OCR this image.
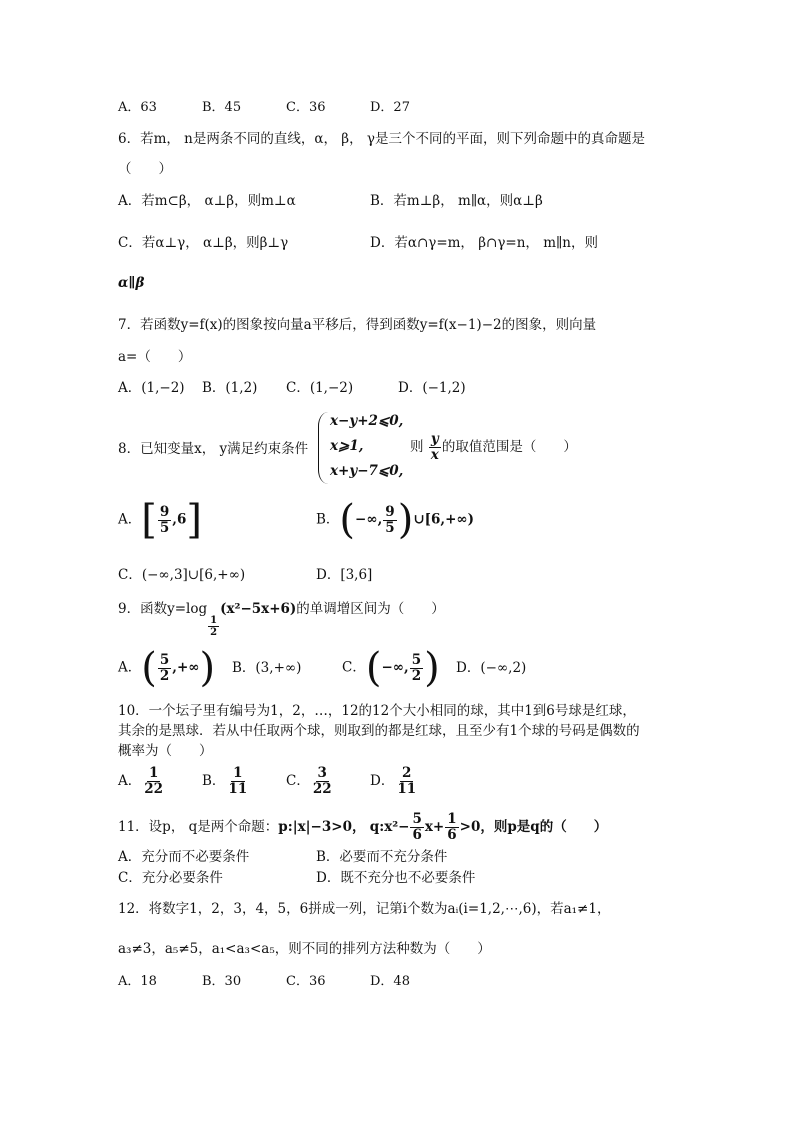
A．63	B．45	C．36	D．27
6．若m， n是两条不同的直线，α， β， γ是三个不同的平面，则下列命题中的真命题是
（　　）
A．若m⊂β， α⊥β，则m⊥α	B．若m⊥β， m∥α，则α⊥β
C．若α⊥γ， α⊥β，则β⊥γ	D．若α∩γ=m， β∩γ=n， m∥n，则
α∥β
7．若函数y=f(x)的图象按向量a平移后，得到函数y=f(x−1)−2的图象，则向量
a=（　　）
A．(1,−2) B．(1,2) C．(1,−2)	D．(−1,2)
8．已知变量x， y满足约束条件
x−y+2⩽0,
x⩾1,
x+y−7⩽0,
则 $\frac{y}{x}$ 的取值范围是（　　）
A．[ $\frac{9}{5} ,6$]	B．(−∞, $\frac{9}{5}$ )∪[6,+∞)
C．(−∞,3]∪[6,+∞)	D．[3,6]
9．函数y=log
$\frac{1}{2}$
(x²−5x+6)的单调增区间为（　　）
A．( $\frac{5}{2}$ ,+∞) B．(3,+∞)	C．(−∞, $\frac{5}{2}$ ) D．(−∞,2)
10．一个坛子里有编号为1，2，…，12的12个大小相同的球，其中1到6号球是红球，
其余的是黑球．若从中任取两个球，则取到的都是红球，且至少有1个球的号码是偶数的
概率为（　　）
A． $\frac{1}{22}$	B． $\frac{1}{11}$	C． $\frac{3}{22}$	D． $\frac{2}{11}$
11．设p， q是两个命题：p:|x|−3>0， q:x²− $\frac{5}{6} x+ \frac{1}{6} >0$，则p是q的（　　）
A．充分而不必要条件	B．必要而不充分条件
C．充分必要条件	D．既不充分也不必要条件
12．将数字1，2，3，4，5，6拼成一列，记第i个数为aᵢ(i=1,2,⋯,6)，若a₁≠1，
a₃≠3，a₅≠5，a₁<a₃<a₅，则不同的排列方法种数为（　　）
A．18	B．30	C．36	D．48
